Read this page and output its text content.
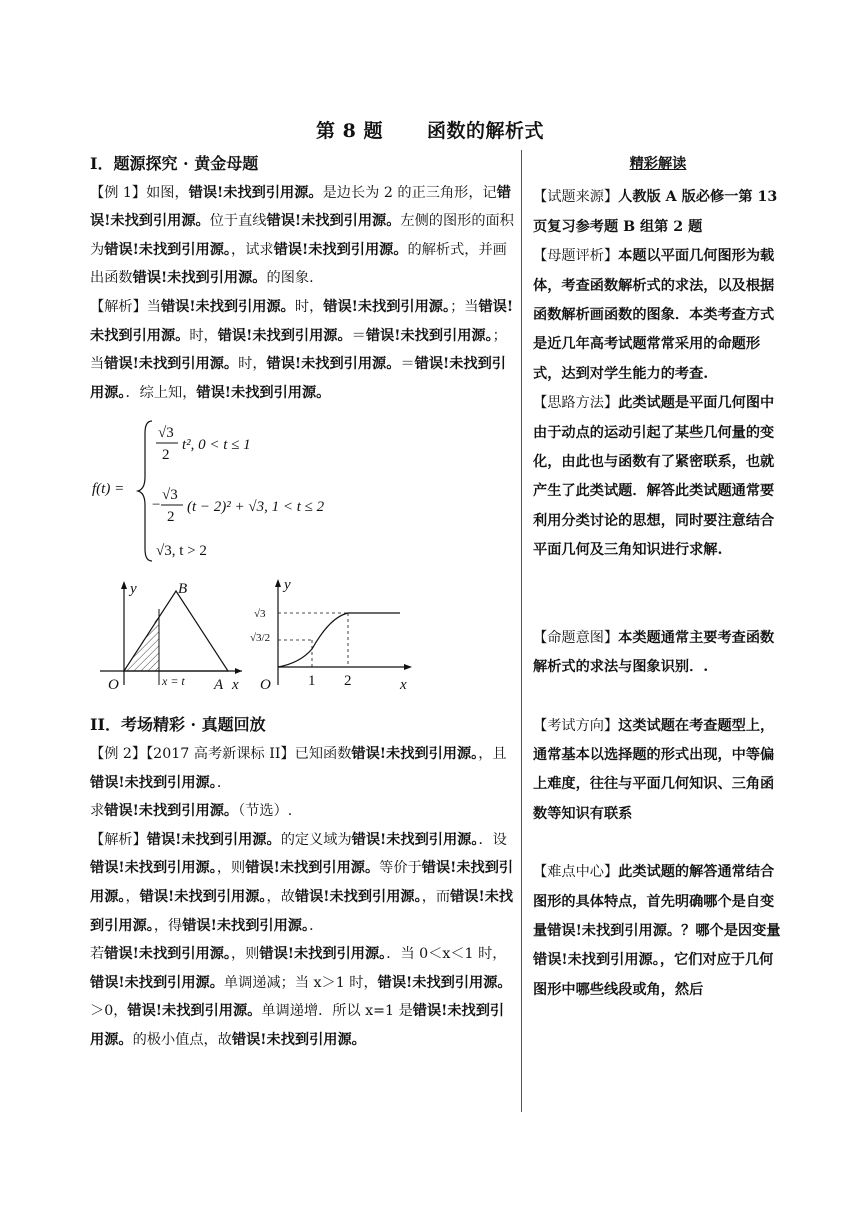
第 8 题 函数的解析式

I．题源探究 · 黄金母题

【例 1】如图，错误!未找到引用源。是边长为 2 的正三角形，记错误!未找到引用源。位于直线错误!未找到引用源。左侧的图形的面积为错误!未找到引用源。，试求错误!未找到引用源。的解析式，并画出函数错误!未找到引用源。的图象.

【解析】当错误!未找到引用源。时，错误!未找到引用源。；当错误!未找到引用源。时，错误!未找到引用源。＝错误!未找到引用源。；当错误!未找到引用源。时，错误!未找到引用源。＝错误!未找到引用源。．综上知，错误!未找到引用源。

f(t) =
√3
2
t², 0 < t ≤ 1
−
√3
2
(t − 2)² + √3, 1 < t ≤ 2
√3, t > 2
y	B
O	x = t A x
y
O 1 2	x
√3
√3/2

II．考场精彩 · 真题回放

【例 2】【2017 高考新课标 II】已知函数错误!未找到引用源。，且错误!未找到引用源。．

求错误!未找到引用源。（节选）.

【解析】错误!未找到引用源。的定义域为错误!未找到引用源。．设错误!未找到引用源。，则错误!未找到引用源。等价于错误!未找到引用源。，错误!未找到引用源。，故错误!未找到引用源。，而错误!未找到引用源。，得错误!未找到引用源。．

若错误!未找到引用源。，则错误!未找到引用源。．当 0＜x＜1 时，错误!未找到引用源。单调递减；当 x＞1 时，错误!未找到引用源。＞0，错误!未找到引用源。单调递增．所以 x=1 是错误!未找到引用源。的极小值点，故错误!未找到引用源。

精彩解读

【试题来源】人教版 A 版必修一第 13 页复习参考题 B 组第 2 题

【母题评析】本题以平面几何图形为载体，考查函数解析式的求法，以及根据函数解析画函数的图象．本类考查方式是近几年高考试题常常采用的命题形式，达到对学生能力的考查.

【思路方法】此类试题是平面几何图中由于动点的运动引起了某些几何量的变化，由此也与函数有了紧密联系，也就产生了此类试题．解答此类试题通常要利用分类讨论的思想，同时要注意结合平面几何及三角知识进行求解.

【命题意图】本类题通常主要考查函数解析式的求法与图象识别．.

【考试方向】这类试题在考查题型上，通常基本以选择题的形式出现，中等偏上难度，往往与平面几何知识、三角函数等知识有联系

【难点中心】此类试题的解答通常结合图形的具体特点，首先明确哪个是自变量错误!未找到引用源。？哪个是因变量错误!未找到引用源。，它们对应于几何图形中哪些线段或角，然后
